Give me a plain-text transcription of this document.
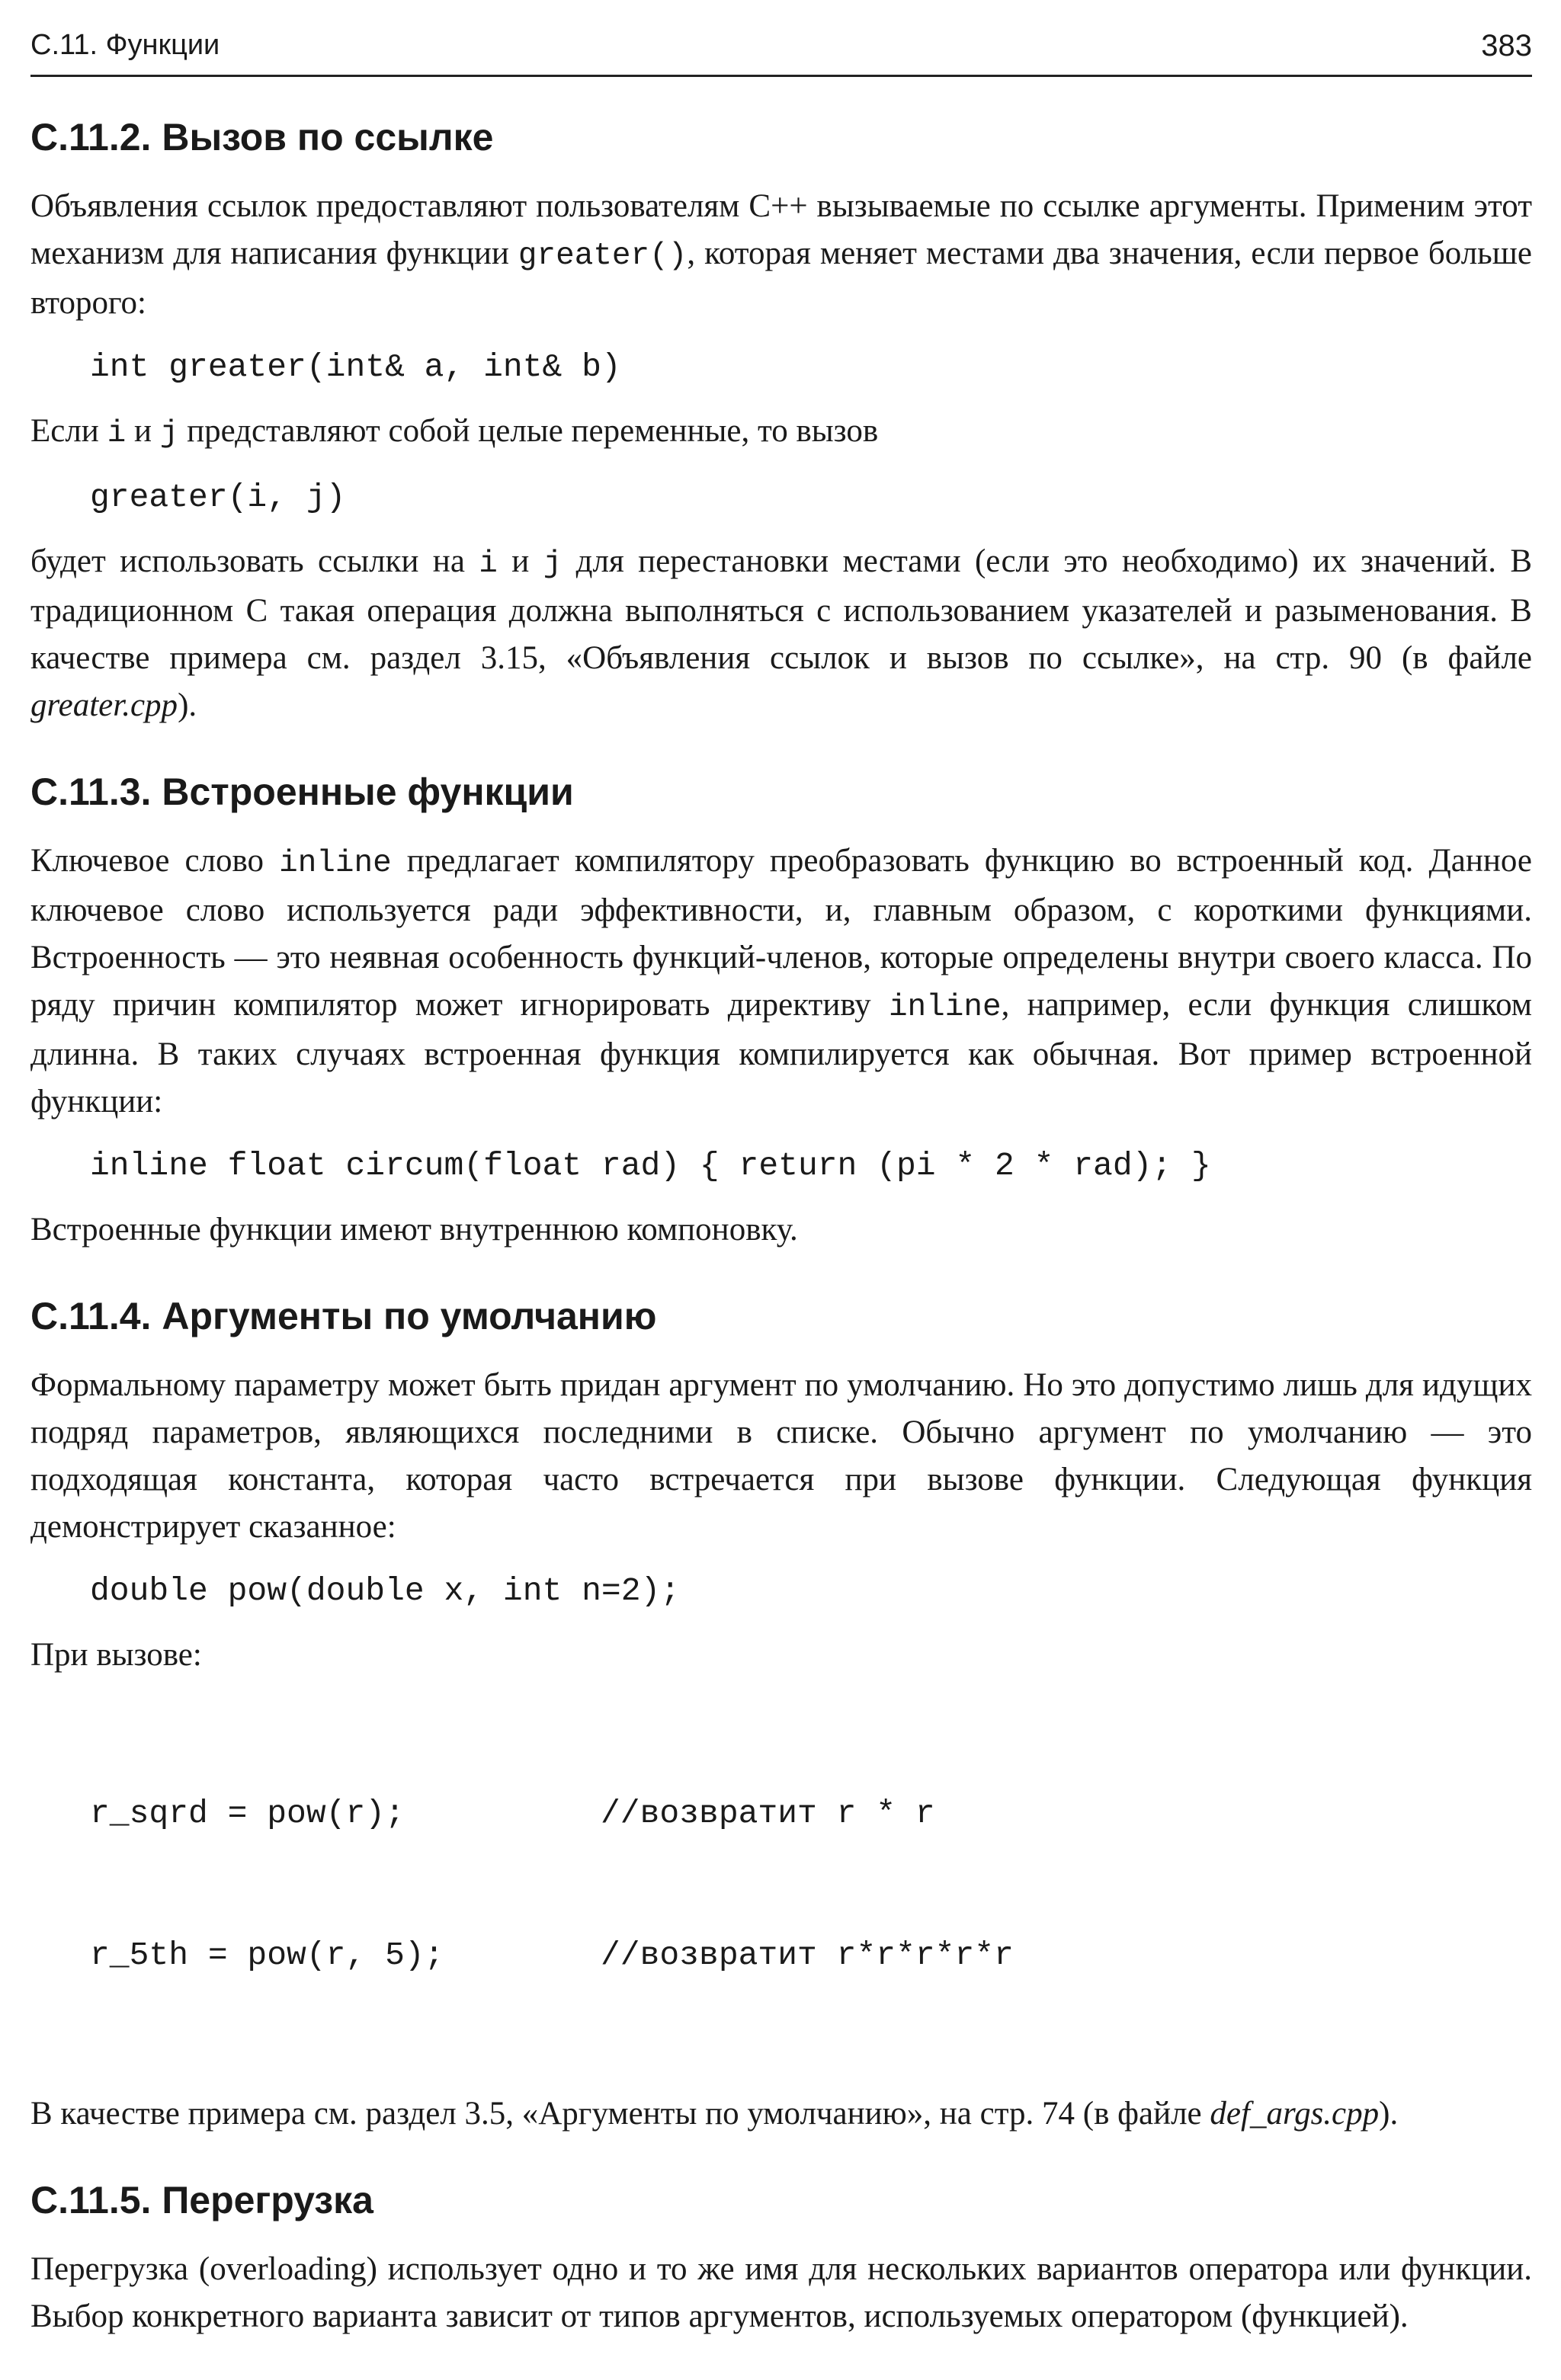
C.11. Функции	383
C.11.2. Вызов по ссылке

Объявления ссылок предоставляют пользователям C++ вызываемые по ссылке аргументы. Применим этот механизм для написания функции greater(), которая меняет местами два значения, если первое больше второго:

int greater(int& a, int& b)

Если i и j представляют собой целые переменные, то вызов

greater(i, j)

будет использовать ссылки на i и j для перестановки местами (если это необходимо) их значений. В традиционном C такая операция должна выполняться с использованием указателей и разыменования. В качестве примера см. раздел 3.15, «Объявления ссылок и вызов по ссылке», на стр. 90 (в файле greater.cpp).

C.11.3. Встроенные функции

Ключевое слово inline предлагает компилятору преобразовать функцию во встроенный код. Данное ключевое слово используется ради эффективности, и, главным образом, с короткими функциями. Встроенность — это неявная особенность функций-членов, которые определены внутри своего класса. По ряду причин компилятор может игнорировать директиву inline, например, если функция слишком длинна. В таких случаях встроенная функция компилируется как обычная. Вот пример встроенной функции:

inline float circum(float rad) { return (pi * 2 * rad); }

Встроенные функции имеют внутреннюю компоновку.

C.11.4. Аргументы по умолчанию

Формальному параметру может быть придан аргумент по умолчанию. Но это допустимо лишь для идущих подряд параметров, являющихся последними в списке. Обычно аргумент по умолчанию — это подходящая константа, которая часто встречается при вызове функции. Следующая функция демонстрирует сказанное:

double pow(double x, int n=2);

При вызове:

r_sqrd = pow(r);	//возвратит r * r

r_5th = pow(r, 5);	//возвратит r*r*r*r*r

В качестве примера см. раздел 3.5, «Аргументы по умолчанию», на стр. 74 (в файле def_args.cpp).

C.11.5. Перегрузка

Перегрузка (overloading) использует одно и то же имя для нескольких вариантов оператора или функции. Выбор конкретного варианта зависит от типов аргументов, используемых оператором (функцией).
